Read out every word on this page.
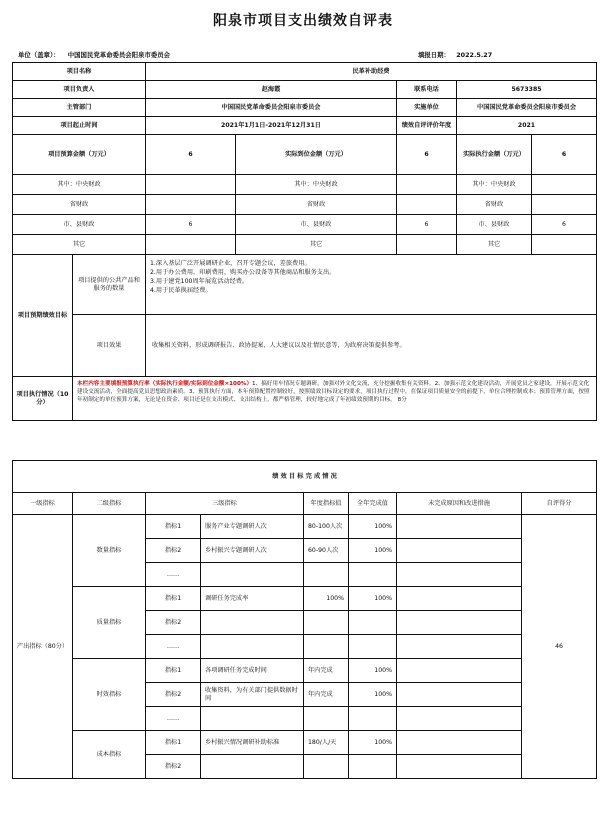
阳泉市项目支出绩效自评表
单位（盖章）： 中国国民党革命委员会阳泉市委员会	填报日期： 2022.5.27
项目名称		民革补助经费				
项目负责人		赵海霞		联系电话	5673385	
主管部门		中国国民党革命委员会阳泉市委员会		实施单位	中国国民党革命委员会阳泉市委员会	
项目起止时间		2021年1月1日-2021年12月31日		绩效自评评价年度	2021	
项目预算金额（万元）		6	实际到位金额（万元）	6	实际执行金额（万元）	6
其中：中央财政			其中：中央财政		其中：中央财政	
省财政			省财政		省财政	
市、县财政		6	市、县财政	6	市、县财政	6
其它			其它		其它	
项目预期绩效目标	项目提供的公共产品和服务的数量	1.深入基层广泛开展调研企业，召开专题会议，差旅费用。
2.用于办公费用，印刷费用，购买办公设备等其他商品和服务支出。
3.用于建党100周年展览活动经费。
4.用于民革换届经费。				

	项目效果	收集相关资料，形成调研报告、政协提案、人大建议以及社情民意等，为政府决策提供参考。				
项目执行情况（10分）	本栏内容主要填报预算执行率（实际执行金额/实际到位金额×100%）1、搞好用车情况专题调研，加强对外文化交流，充分挖掘收集有关资料。2、加强示范文化建设活动，开展党员之家建设，开展示范文化建设交流活动，全面提高党员思想政治素质。3、预算执行方面，本年预算配置控制较好，按照绩效目标设定的要求，项目执行过程中，在保证项目质量安全的前提下，单位合理控制成本；预算管理方面，按照年初制定的单位预算方案，无论是在资金、项目还是在支出模式、支出结构上，都严格管理，较好地完成了年初绩效预期的目标。 8分					
绩 效 目 标 完 成 情 况							
一级指标	二级指标	三级指标		年度指标值	全年完成值	未完成原因和改进措施	自评得分
产出指标（80分）	数量指标	指标1	服务产业专题调研人次	80-100人次	100%		46
		指标2	乡村振兴专题调研人次	60-90人次	100%		
		……					
	质量指标	指标1	调研任务完成率	100%	100%		
		指标2					
		……					
	时效指标	指标1	各项调研任务完成时间	年内完成	100%		
		指标2	收集资料，为有关部门提供数据时间	年内完成	100%		
		……					
	成本指标	指标1	乡村振兴情况调研补助标准	180/人/天	100%		
		指标2					
